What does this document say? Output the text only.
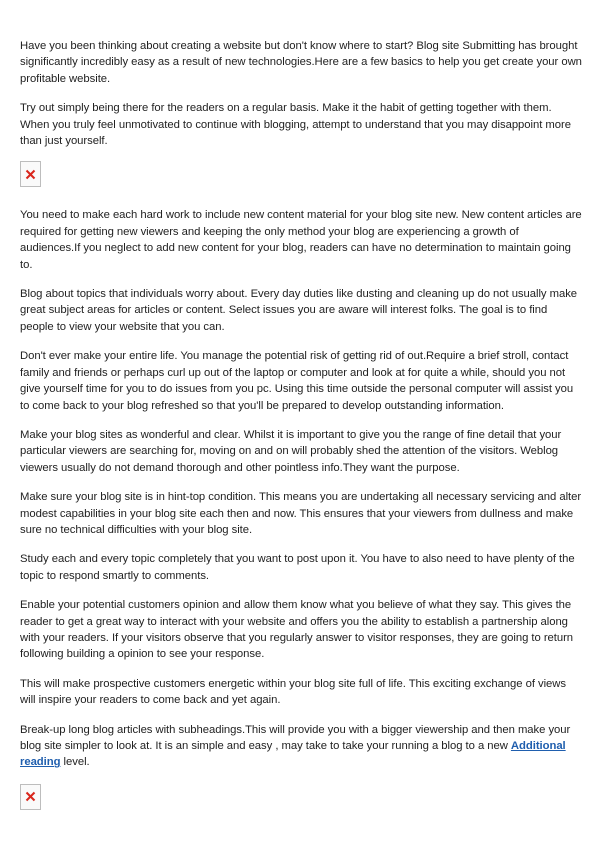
Have you been thinking about creating a website but don't know where to start? Blog site Submitting has brought significantly incredibly easy as a result of new technologies.Here are a few basics to help you get create your own profitable website.

Try out simply being there for the readers on a regular basis. Make it the habit of getting together with them. When you truly feel unmotivated to continue with blogging, attempt to understand that you may disappoint more than just yourself.

You need to make each hard work to include new content material for your blog site new. New content articles are required for getting new viewers and keeping the only method your blog are experiencing a growth of audiences.If you neglect to add new content for your blog, readers can have no determination to maintain going to.

Blog about topics that individuals worry about. Every day duties like dusting and cleaning up do not usually make great subject areas for articles or content. Select issues you are aware will interest folks. The goal is to find people to view your website that you can.

Don't ever make your entire life. You manage the potential risk of getting rid of out.Require a brief stroll, contact family and friends or perhaps curl up out of the laptop or computer and look at for quite a while, should you not give yourself time for you to do issues from you pc. Using this time outside the personal computer will assist you to come back to your blog refreshed so that you'll be prepared to develop outstanding information.

Make your blog sites as wonderful and clear. Whilst it is important to give you the range of fine detail that your particular viewers are searching for, moving on and on will probably shed the attention of the visitors. Weblog viewers usually do not demand thorough and other pointless info.They want the purpose.

Make sure your blog site is in hint-top condition. This means you are undertaking all necessary servicing and alter modest capabilities in your blog site each then and now. This ensures that your viewers from dullness and make sure no technical difficulties with your blog site.

Study each and every topic completely that you want to post upon it. You have to also need to have plenty of the topic to respond smartly to comments.

Enable your potential customers opinion and allow them know what you believe of what they say. This gives the reader to get a great way to interact with your website and offers you the ability to establish a partnership along with your readers. If your visitors observe that you regularly answer to visitor responses, they are going to return following building a opinion to see your response.

This will make prospective customers energetic within your blog site full of life. This exciting exchange of views will inspire your readers to come back and yet again.

Break-up long blog articles with subheadings.This will provide you with a bigger viewership and then make your blog site simpler to look at. It is an simple and easy , may take to take your running a blog to a new Additional reading level.
